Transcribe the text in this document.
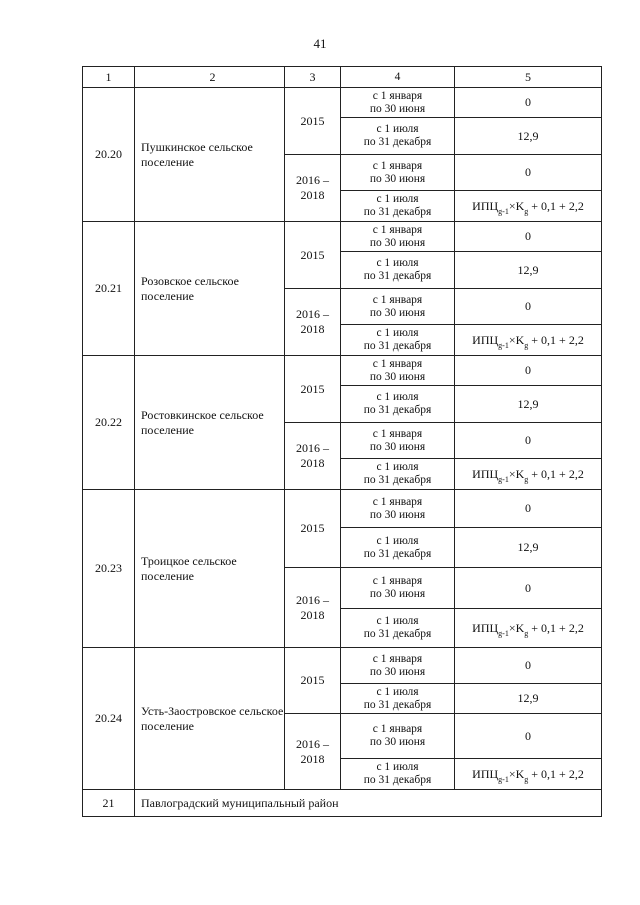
41
1	2	3	4	5
20.20	Пушкинское сельское поселение	2015	с 1 января
по 30 июня	0

			с 1 июля
по 31 декабря	12,9
		2016 – 2018	с 1 января
по 30 июня	0

			с 1 июля
по 31 декабря	$ИПЦ_{g-1}\times K_g + 0,1 + 2,2$
20.21	Розовское сельское поселение	2015	с 1 января
по 30 июня	0

			с 1 июля
по 31 декабря	12,9
		2016 – 2018	с 1 января
по 30 июня	0

			с 1 июля
по 31 декабря	$ИПЦ_{g-1}\times K_g + 0,1 + 2,2$
20.22	Ростовкинское сельское поселение	2015	с 1 января
по 30 июня	0

			с 1 июля
по 31 декабря	12,9
		2016 – 2018	с 1 января
по 30 июня	0

			с 1 июля
по 31 декабря	$ИПЦ_{g-1}\times K_g + 0,1 + 2,2$
20.23	Троицкое сельское поселение	2015	с 1 января
по 30 июня	0

			с 1 июля
по 31 декабря	12,9
		2016 – 2018	с 1 января
по 30 июня	0

			с 1 июля
по 31 декабря	$ИПЦ_{g-1}\times K_g + 0,1 + 2,2$
20.24	Усть-Заостровское сельское поселение	2015	с 1 января
по 30 июня	0

			с 1 июля
по 31 декабря	12,9
		2016 – 2018	с 1 января
по 30 июня	0

			с 1 июля
по 31 декабря	$ИПЦ_{g-1}\times K_g + 0,1 + 2,2$
21	Павлоградский муниципальный район			
